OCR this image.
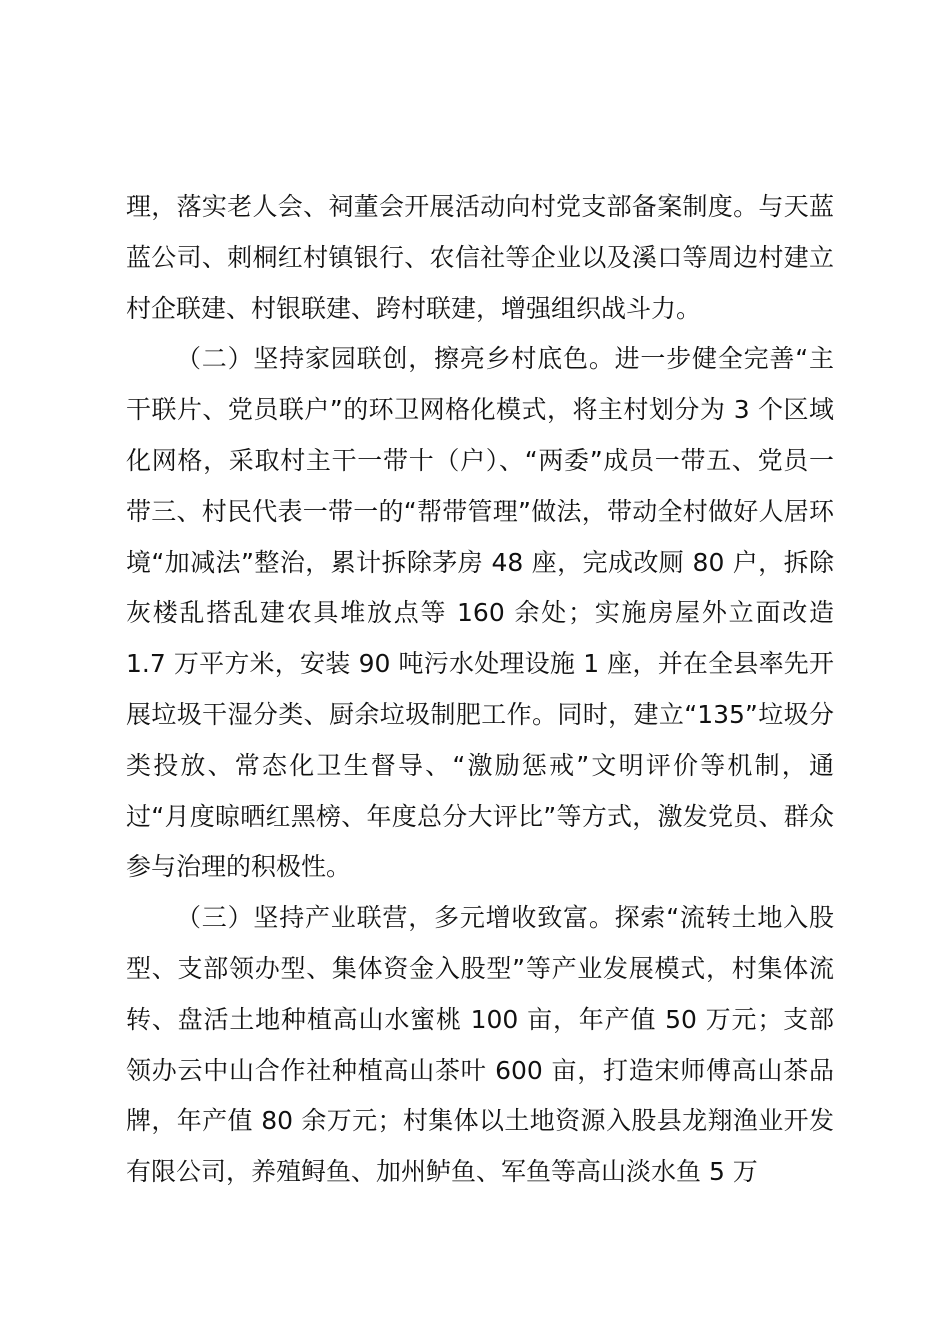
理，落实老人会、祠董会开展活动向村党支部备案制度。与天蓝蓝公司、刺桐红村镇银行、农信社等企业以及溪口等周边村建立村企联建、村银联建、跨村联建，增强组织战斗力。

（二）坚持家园联创，擦亮乡村底色。进一步健全完善“主干联片、党员联户”的环卫网格化模式，将主村划分为 3 个区域化网格，采取村主干一带十（户）、“两委”成员一带五、党员一带三、村民代表一带一的“帮带管理”做法，带动全村做好人居环境“加减法”整治，累计拆除茅房 48 座，完成改厕 80 户，拆除灰楼乱搭乱建农具堆放点等 160 余处；实施房屋外立面改造 1.7 万平方米，安装 90 吨污水处理设施 1 座，并在全县率先开展垃圾干湿分类、厨余垃圾制肥工作。同时，建立“135”垃圾分类投放、常态化卫生督导、“激励惩戒”文明评价等机制，通过“月度晾晒红黑榜、年度总分大评比”等方式，激发党员、群众参与治理的积极性。

（三）坚持产业联营，多元增收致富。探索“流转土地入股型、支部领办型、集体资金入股型”等产业发展模式，村集体流转、盘活土地种植高山水蜜桃 100 亩，年产值 50 万元；支部领办云中山合作社种植高山茶叶 600 亩，打造宋师傅高山茶品牌，年产值 80 余万元；村集体以土地资源入股县龙翔渔业开发有限公司，养殖鲟鱼、加州鲈鱼、军鱼等高山淡水鱼 5 万
